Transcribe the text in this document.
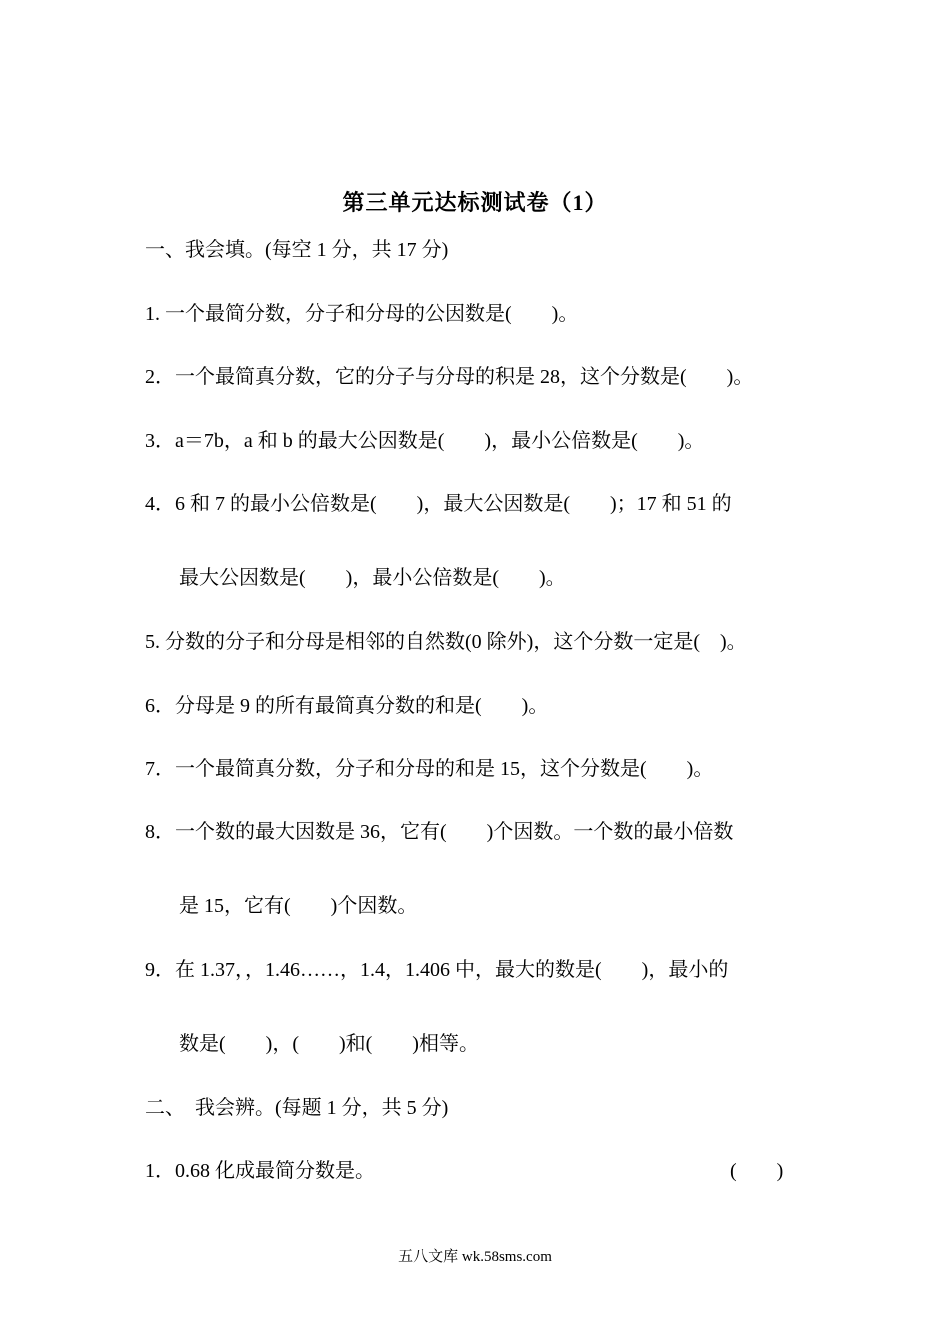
第三单元达标测试卷（1）
一、我会填。(每空 1 分，共 17 分)
1. 一个最简分数，分子和分母的公因数是(　　)。
2．一个最简真分数，它的分子与分母的积是 28，这个分数是(　　)。
3．a＝7b，a 和 b 的最大公因数是(　　)，最小公倍数是(　　)。
4．6 和 7 的最小公倍数是(　　)，最大公因数是(　　)；17 和 51 的
最大公因数是(　　)，最小公倍数是(　　)。
5. 分数的分子和分母是相邻的自然数(0 除外)，这个分数一定是(　)。
6．分母是 9 的所有最简真分数的和是(　　)。
7．一个最简真分数，分子和分母的和是 15，这个分数是(　　)。
8．一个数的最大因数是 36，它有(　　)个因数。一个数的最小倍数
是 15，它有(　　)个因数。
9．在 1.37，，1.46……，1.4，1.406 中，最大的数是(　　)，最小的
数是(　　)，(　　)和(　　)相等。
二、　我会辨。(每题 1 分，共 5 分)
1．0.68 化成最简分数是。	(　　)
五八文库 wk.58sms.com
